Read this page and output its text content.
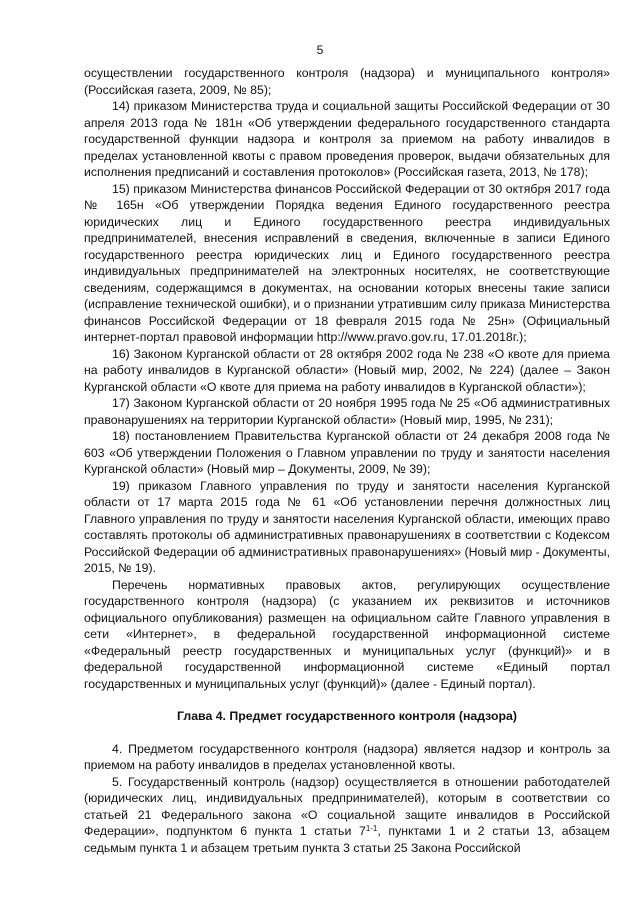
5

осуществлении государственного контроля (надзора) и муниципального контроля» (Российская газета, 2009, № 85);

14) приказом Министерства труда и социальной защиты Российской Федерации от 30 апреля 2013 года № 181н «Об утверждении федерального государственного стандарта государственной функции надзора и контроля за приемом на работу инвалидов в пределах установленной квоты с правом проведения проверок, выдачи обязательных для исполнения предписаний и составления протоколов» (Российская газета, 2013, № 178);

15) приказом Министерства финансов Российской Федерации от 30 октября 2017 года № 165н «Об утверждении Порядка ведения Единого государственного реестра юридических лиц и Единого государственного реестра индивидуальных предпринимателей, внесения исправлений в сведения, включенные в записи Единого государственного реестра юридических лиц и Единого государственного реестра индивидуальных предпринимателей на электронных носителях, не соответствующие сведениям, содержащимся в документах, на основании которых внесены такие записи (исправление технической ошибки), и о признании утратившим силу приказа Министерства финансов Российской Федерации от 18 февраля 2015 года № 25н» (Официальный интернет-портал правовой информации http://www.pravo.gov.ru, 17.01.2018г.);

16) Законом Курганской области от 28 октября 2002 года № 238 «О квоте для приема на работу инвалидов в Курганской области» (Новый мир, 2002, № 224) (далее – Закон Курганской области «О квоте для приема на работу инвалидов в Курганской области»);

17) Законом Курганской области от 20 ноября 1995 года № 25 «Об административных правонарушениях на территории Курганской области» (Новый мир, 1995, № 231);

18) постановлением Правительства Курганской области от 24 декабря 2008 года № 603 «Об утверждении Положения о Главном управлении по труду и занятости населения Курганской области» (Новый мир – Документы, 2009, № 39);

19) приказом Главного управления по труду и занятости населения Курганской области от 17 марта 2015 года № 61 «Об установлении перечня должностных лиц Главного управления по труду и занятости населения Курганской области, имеющих право составлять протоколы об административных правонарушениях в соответствии с Кодексом Российской Федерации об административных правонарушениях» (Новый мир - Документы, 2015, № 19).

Перечень нормативных правовых актов, регулирующих осуществление государственного контроля (надзора) (с указанием их реквизитов и источников официального опубликования) размещен на официальном сайте Главного управления в сети «Интернет», в федеральной государственной информационной системе «Федеральный реестр государственных и муниципальных услуг (функций)» и в федеральной государственной информационной системе «Единый портал государственных и муниципальных услуг (функций)» (далее - Единый портал).

Глава 4. Предмет государственного контроля (надзора)

4. Предметом государственного контроля (надзора) является надзор и контроль за приемом на работу инвалидов в пределах установленной квоты.

5. Государственный контроль (надзор) осуществляется в отношении работодателей (юридических лиц, индивидуальных предпринимателей), которым в соответствии со статьей 21 Федерального закона «О социальной защите инвалидов в Российской Федерации», подпунктом 6 пункта 1 статьи 7$^{1-1}$, пунктами 1 и 2 статьи 13, абзацем седьмым пункта 1 и абзацем третьим пункта 3 статьи 25 Закона Российской
